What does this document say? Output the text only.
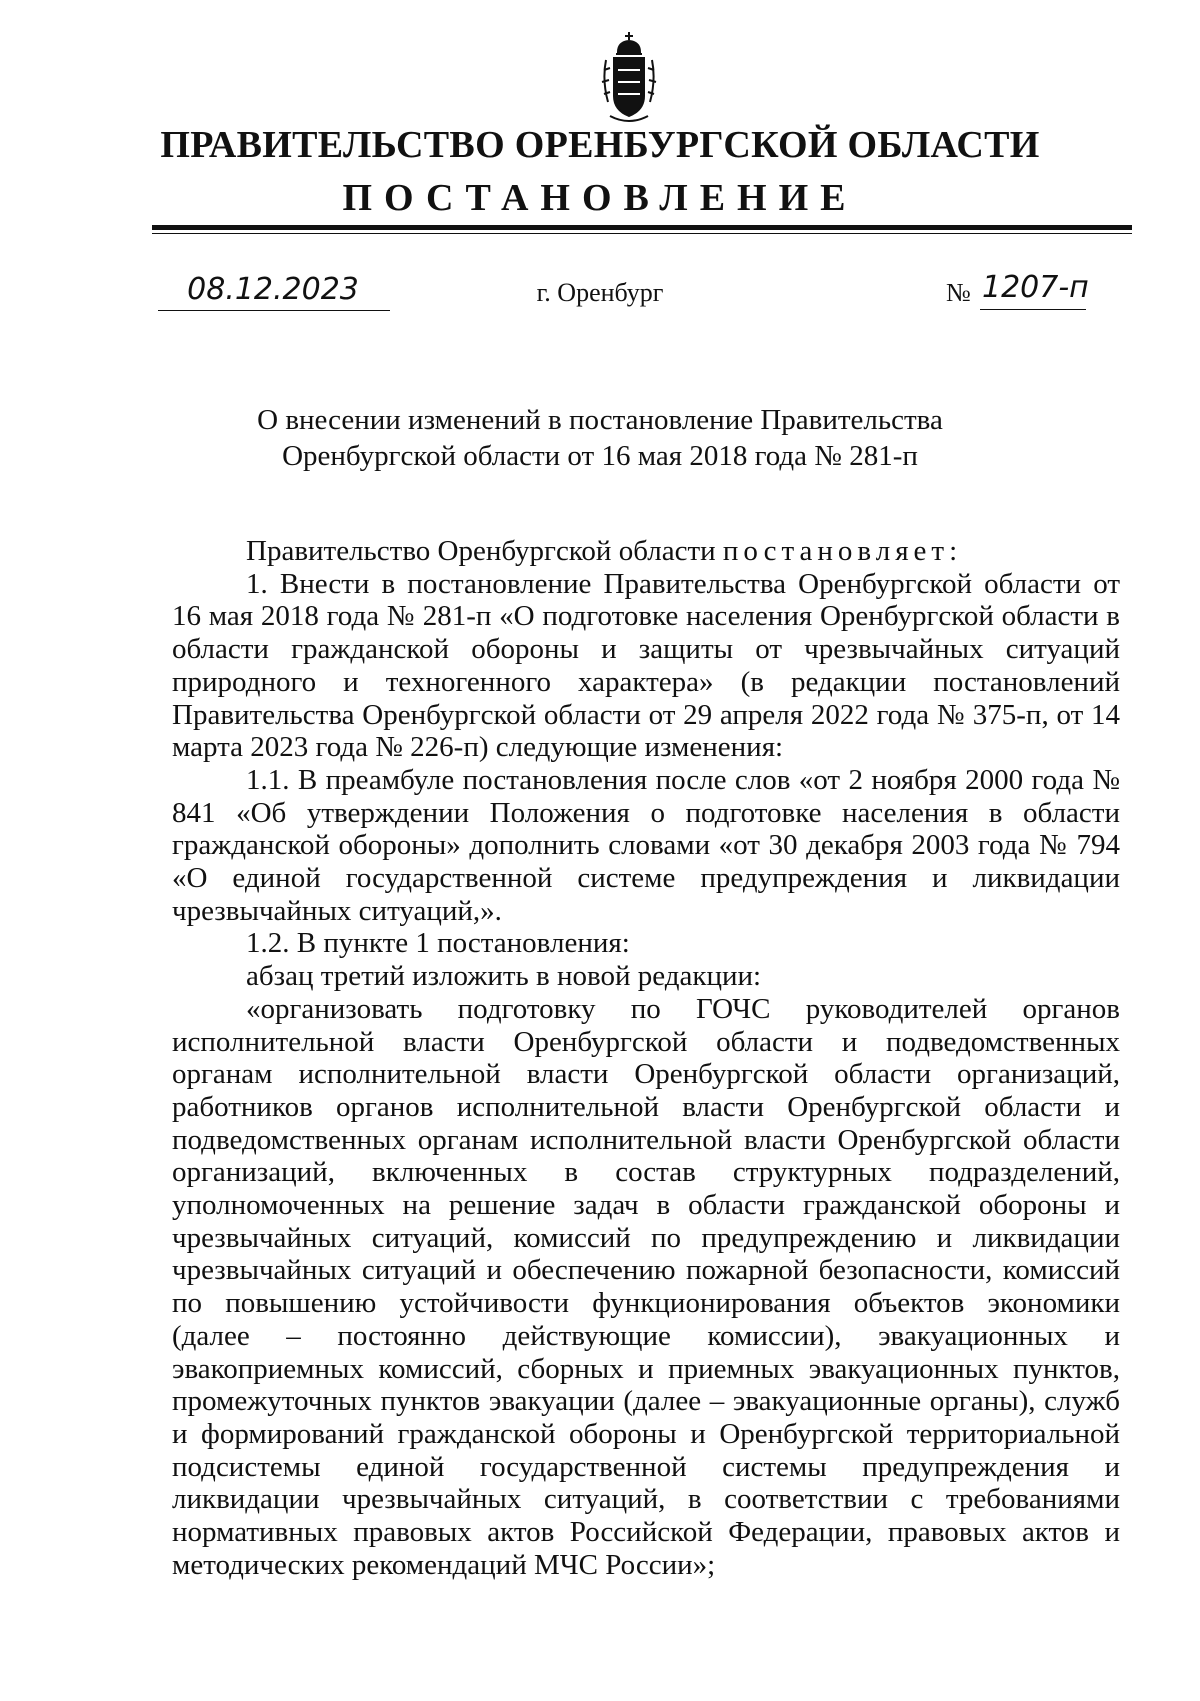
ПРАВИТЕЛЬСТВО ОРЕНБУРГСКОЙ ОБЛАСТИ
ПОСТАНОВЛЕНИЕ
08.12.2023	г. Оренбург	№ 1207-п
О внесении изменений в постановление Правительства
Оренбургской области от 16 мая 2018 года № 281-п

Правительство Оренбургской области постановляет:

1. Внести в постановление Правительства Оренбургской области от 16 мая 2018 года № 281-п «О подготовке населения Оренбургской области в области гражданской обороны и защиты от чрезвычайных ситуаций природного и техногенного характера» (в редакции постановлений Правительства Оренбургской области от 29 апреля 2022 года № 375-п, от 14 марта 2023 года № 226-п) следующие изменения:

1.1. В преамбуле постановления после слов «от 2 ноября 2000 года № 841 «Об утверждении Положения о подготовке населения в области гражданской обороны» дополнить словами «от 30 декабря 2003 года № 794 «О единой государственной системе предупреждения и ликвидации чрезвычайных ситуаций,».

1.2. В пункте 1 постановления:

абзац третий изложить в новой редакции:

«организовать подготовку по ГОЧС руководителей органов исполнительной власти Оренбургской области и подведомственных органам исполнительной власти Оренбургской области организаций, работников органов исполнительной власти Оренбургской области и подведомственных органам исполнительной власти Оренбургской области организаций, включенных в состав структурных подразделений, уполномоченных на решение задач в области гражданской обороны и чрезвычайных ситуаций, комиссий по предупреждению и ликвидации чрезвычайных ситуаций и обеспечению пожарной безопасности, комиссий по повышению устойчивости функционирования объектов экономики (далее – постоянно действующие комиссии), эвакуационных и эвакоприемных комиссий, сборных и приемных эвакуационных пунктов, промежуточных пунктов эвакуации (далее – эвакуационные органы), служб и формирований гражданской обороны и Оренбургской территориальной подсистемы единой государственной системы предупреждения и ликвидации чрезвычайных ситуаций, в соответствии с требованиями нормативных правовых актов Российской Федерации, правовых актов и методических рекомендаций МЧС России»;
